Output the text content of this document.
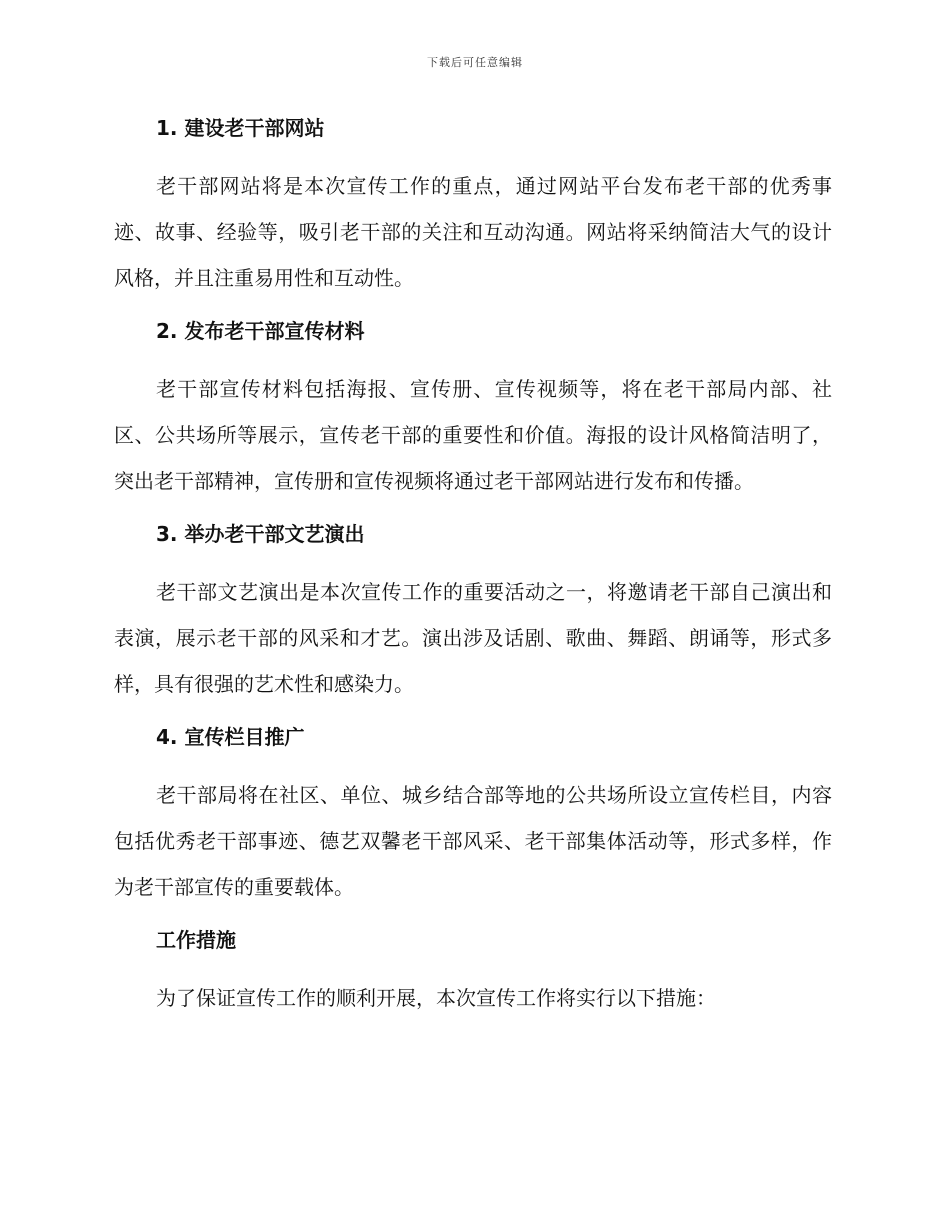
下载后可任意编辑
1. 建设老干部网站
老干部网站将是本次宣传工作的重点，通过网站平台发布老干部的优秀事迹、故事、经验等，吸引老干部的关注和互动沟通。网站将采纳简洁大气的设计风格，并且注重易用性和互动性。
2. 发布老干部宣传材料
老干部宣传材料包括海报、宣传册、宣传视频等，将在老干部局内部、社区、公共场所等展示，宣传老干部的重要性和价值。海报的设计风格简洁明了，突出老干部精神，宣传册和宣传视频将通过老干部网站进行发布和传播。
3. 举办老干部文艺演出
老干部文艺演出是本次宣传工作的重要活动之一，将邀请老干部自己演出和表演，展示老干部的风采和才艺。演出涉及话剧、歌曲、舞蹈、朗诵等，形式多样，具有很强的艺术性和感染力。
4. 宣传栏目推广
老干部局将在社区、单位、城乡结合部等地的公共场所设立宣传栏目，内容包括优秀老干部事迹、德艺双馨老干部风采、老干部集体活动等，形式多样，作为老干部宣传的重要载体。
工作措施
为了保证宣传工作的顺利开展，本次宣传工作将实行以下措施：
